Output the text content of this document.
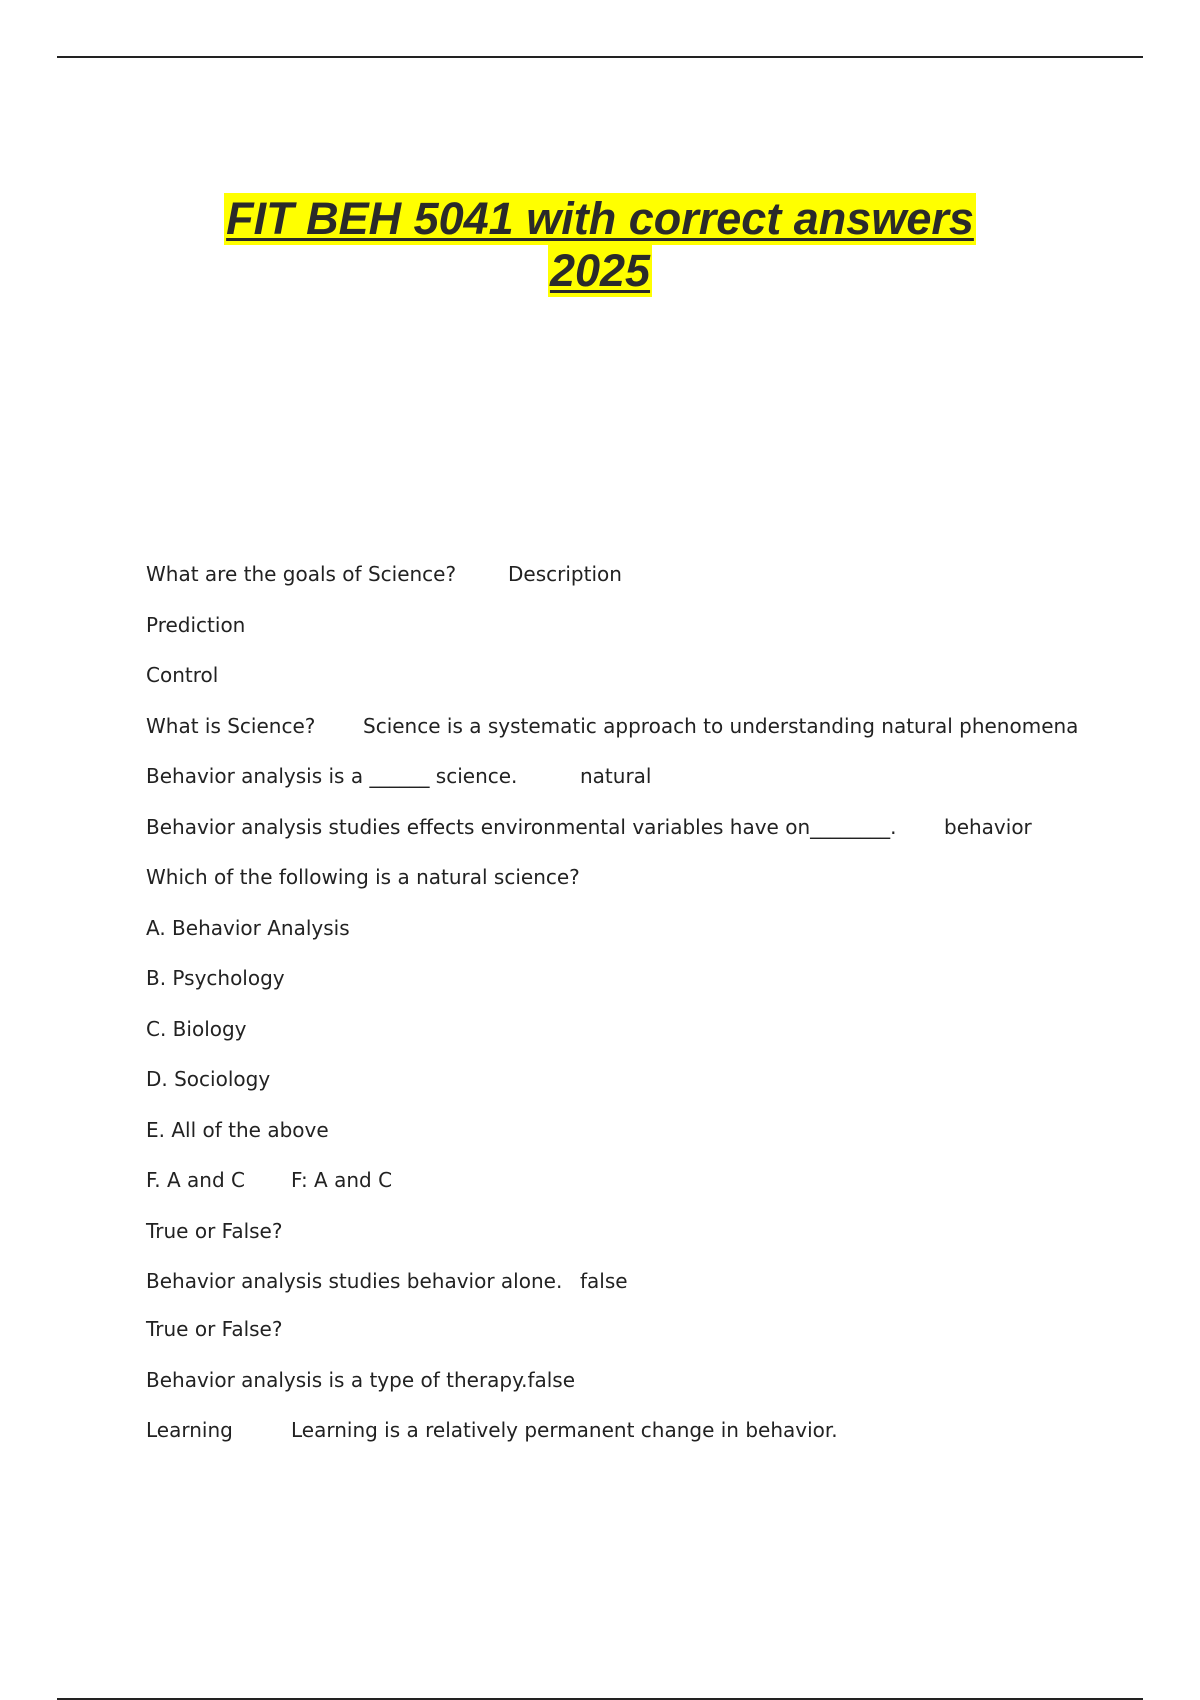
FIT BEH 5041 with correct answers
2025

What are the goals of Science?

	Description

Prediction

Control

What is Science?

Science is a systematic approach to understanding natural phenomena

Behavior analysis is a ______ science.

	natural

Behavior analysis studies effects environmental variables have on________.

behavior

Which of the following is a natural science?

A. Behavior Analysis

B. Psychology

C. Biology

D. Sociology

E. All of the above

F. A and C

F: A and C

True or False?

Behavior analysis studies behavior alone.

false

True or False?

Behavior analysis is a type of therapy.false

Learning

	Learning is a relatively permanent change in behavior.
